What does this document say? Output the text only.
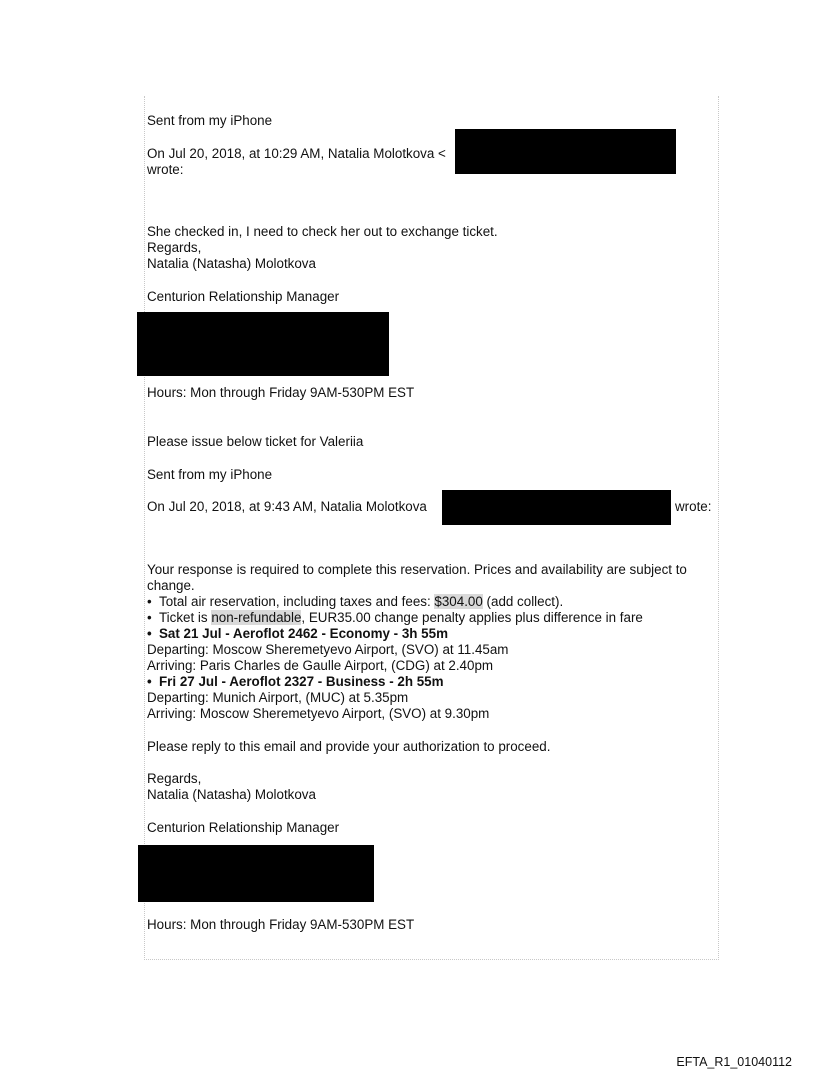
Sent from my iPhone

On Jul 20, 2018, at 10:29 AM, Natalia Molotkova <

wrote:

She checked in, I need to check her out to exchange ticket.

Regards,

Natalia (Natasha) Molotkova

Centurion Relationship Manager

Hours: Mon through Friday 9AM-530PM EST

Please issue below ticket for Valeriia

Sent from my iPhone

On Jul 20, 2018, at 9:43 AM, Natalia Molotkova	wrote:

Your response is required to complete this reservation. Prices and availability are subject to

change.

• Total air reservation, including taxes and fees: $304.00 (add collect).

• Ticket is non-refundable, EUR35.00 change penalty applies plus difference in fare

• Sat 21 Jul - Aeroflot 2462 - Economy - 3h 55m

Departing: Moscow Sheremetyevo Airport, (SVO) at 11.45am

Arriving: Paris Charles de Gaulle Airport, (CDG) at 2.40pm

• Fri 27 Jul - Aeroflot 2327 - Business - 2h 55m

Departing: Munich Airport, (MUC) at 5.35pm

Arriving: Moscow Sheremetyevo Airport, (SVO) at 9.30pm

Please reply to this email and provide your authorization to proceed.

Regards,

Natalia (Natasha) Molotkova

Centurion Relationship Manager

Hours: Mon through Friday 9AM-530PM EST

EFTA_R1_01040112
